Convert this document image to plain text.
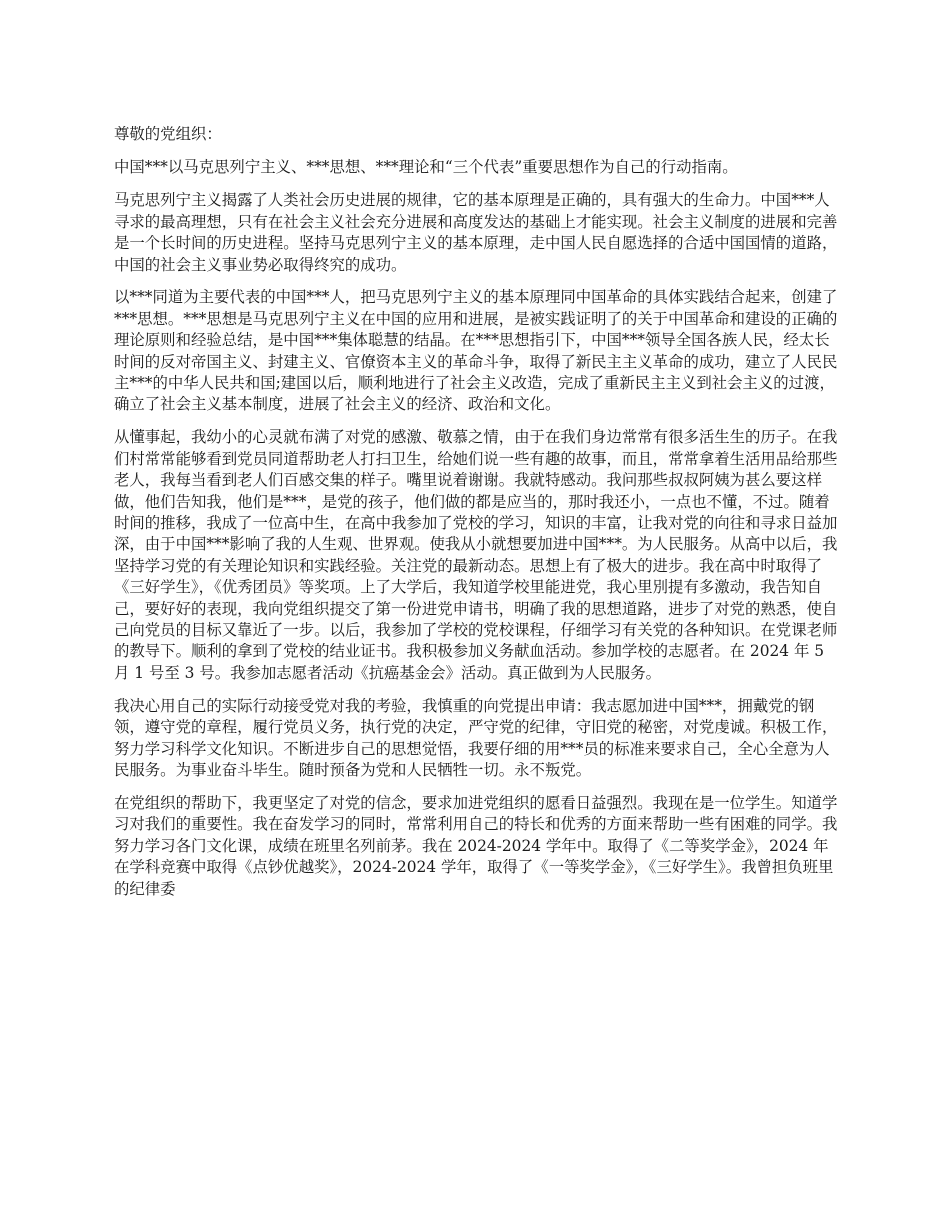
尊敬的党组织：

中国***以马克思列宁主义、***思想、***理论和“三个代表”重要思想作为自己的行动指南。

马克思列宁主义揭露了人类社会历史进展的规律，它的基本原理是正确的，具有强大的生命力。中国***人寻求的最高理想，只有在社会主义社会充分进展和高度发达的基础上才能实现。社会主义制度的进展和完善是一个长时间的历史进程。坚持马克思列宁主义的基本原理，走中国人民自愿选择的合适中国国情的道路，中国的社会主义事业势必取得终究的成功。

以***同道为主要代表的中国***人，把马克思列宁主义的基本原理同中国革命的具体实践结合起来，创建了***思想。***思想是马克思列宁主义在中国的应用和进展，是被实践证明了的关于中国革命和建设的正确的理论原则和经验总结，是中国***集体聪慧的结晶。在***思想指引下，中国***领导全国各族人民，经太长时间的反对帝国主义、封建主义、官僚资本主义的革命斗争，取得了新民主主义革命的成功，建立了人民民主***的中华人民共和国;建国以后，顺利地进行了社会主义改造，完成了重新民主主义到社会主义的过渡，确立了社会主义基本制度，进展了社会主义的经济、政治和文化。

从懂事起，我幼小的心灵就布满了对党的感激、敬慕之情，由于在我们身边常常有很多活生生的历子。在我们村常常能够看到党员同道帮助老人打扫卫生，给她们说一些有趣的故事，而且，常常拿着生活用品给那些老人，我每当看到老人们百感交集的样子。嘴里说着谢谢。我就特感动。我问那些叔叔阿姨为甚么要这样做，他们告知我，他们是***，是党的孩子，他们做的都是应当的，那时我还小，一点也不懂，不过。随着时间的推移，我成了一位高中生，在高中我参加了党校的学习，知识的丰富，让我对党的向往和寻求日益加深，由于中国***影响了我的人生观、世界观。使我从小就想要加进中国***。为人民服务。从高中以后，我坚持学习党的有关理论知识和实践经验。关注党的最新动态。思想上有了极大的进步。我在高中时取得了《三好学生》，《优秀团员》等奖项。上了大学后，我知道学校里能进党，我心里別提有多激动，我告知自己，要好好的表现，我向党组织提交了第一份进党申请书，明确了我的思想道路，进步了对党的熟悉，使自己向党员的目标又靠近了一步。以后，我参加了学校的党校课程，仔细学习有关党的各种知识。在党课老师的教导下。顺利的拿到了党校的结业证书。我积极参加义务献血活动。参加学校的志愿者。在 2024 年 5 月 1 号至 3 号。我参加志愿者活动《抗癌基金会》活动。真正做到为人民服务。

我决心用自己的实际行动接受党对我的考验，我慎重的向党提出申请：我志愿加进中国***，拥戴党的钢领，遵守党的章程，履行党员义务，执行党的决定，严守党的纪律，守旧党的秘密，对党虔诚。积极工作，努力学习科学文化知识。不断进步自己的思想觉悟，我要仔细的用***员的标准来要求自己，全心全意为人民服务。为事业奋斗毕生。随时预备为党和人民牺牲一切。永不叛党。

在党组织的帮助下，我更坚定了对党的信念，要求加进党组织的愿看日益强烈。我现在是一位学生。知道学习对我们的重要性。我在奋发学习的同时，常常利用自己的特长和优秀的方面来帮助一些有困难的同学。我努力学习各门文化课，成绩在班里名列前茅。我在 2024-2024 学年中。取得了《二等奖学金》，2024 年在学科竞赛中取得《点钞优越奖》，2024-2024 学年，取得了《一等奖学金》，《三好学生》。我曾担负班里的纪律委
